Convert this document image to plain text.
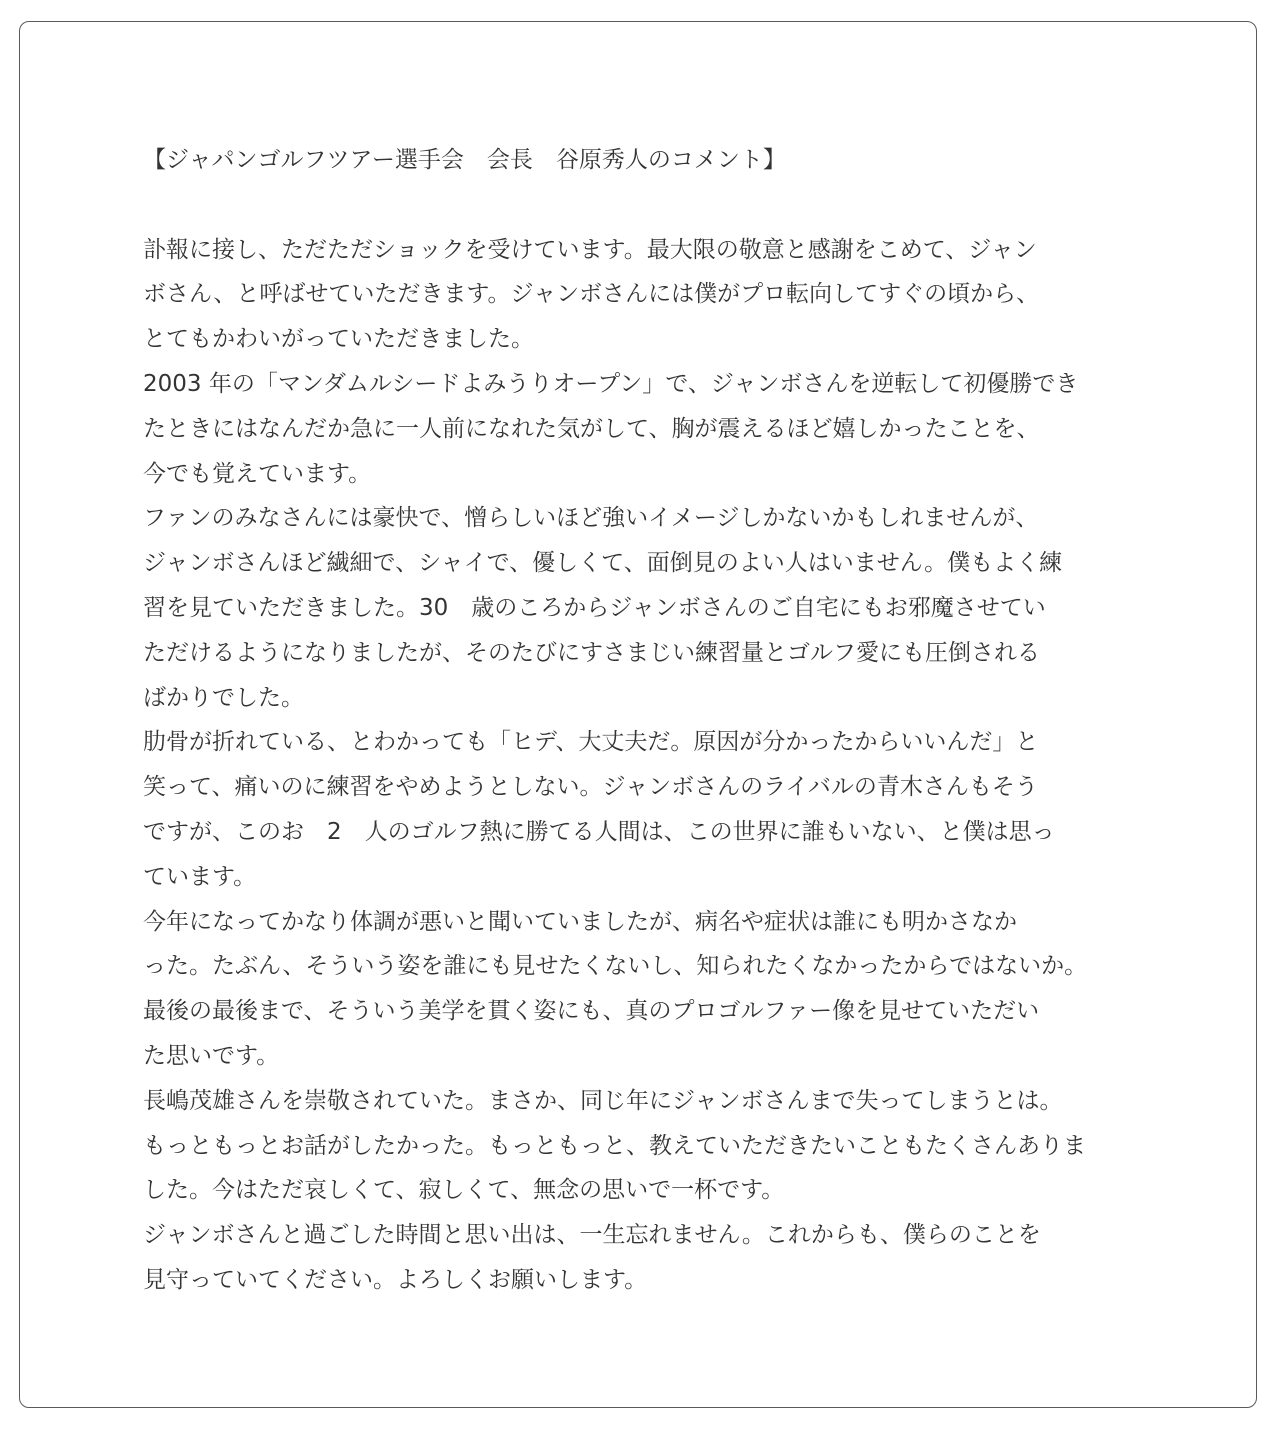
【ジャパンゴルフツアー選手会　会長　谷原秀人のコメント】
訃報に接し、ただただショックを受けています。最大限の敬意と感謝をこめて、ジャン
ボさん、と呼ばせていただきます。ジャンボさんには僕がプロ転向してすぐの頃から、
とてもかわいがっていただきました。
2003 年の「マンダムルシードよみうりオープン」で、ジャンボさんを逆転して初優勝でき
たときにはなんだか急に一人前になれた気がして、胸が震えるほど嬉しかったことを、
今でも覚えています。
ファンのみなさんには豪快で、憎らしいほど強いイメージしかないかもしれませんが、
ジャンボさんほど繊細で、シャイで、優しくて、面倒見のよい人はいません。僕もよく練
習を見ていただきました。30　歳のころからジャンボさんのご自宅にもお邪魔させてい
ただけるようになりましたが、そのたびにすさまじい練習量とゴルフ愛にも圧倒される
ばかりでした。
肋骨が折れている、とわかっても「ヒデ、大丈夫だ。原因が分かったからいいんだ」と
笑って、痛いのに練習をやめようとしない。ジャンボさんのライバルの青木さんもそう
ですが、このお　2　人のゴルフ熱に勝てる人間は、この世界に誰もいない、と僕は思っ
ています。
今年になってかなり体調が悪いと聞いていましたが、病名や症状は誰にも明かさなか
った。たぶん、そういう姿を誰にも見せたくないし、知られたくなかったからではないか。
最後の最後まで、そういう美学を貫く姿にも、真のプロゴルファー像を見せていただい
た思いです。
長嶋茂雄さんを崇敬されていた。まさか、同じ年にジャンボさんまで失ってしまうとは。
もっともっとお話がしたかった。もっともっと、教えていただきたいこともたくさんありま
した。今はただ哀しくて、寂しくて、無念の思いで一杯です。
ジャンボさんと過ごした時間と思い出は、一生忘れません。これからも、僕らのことを
見守っていてください。よろしくお願いします。
